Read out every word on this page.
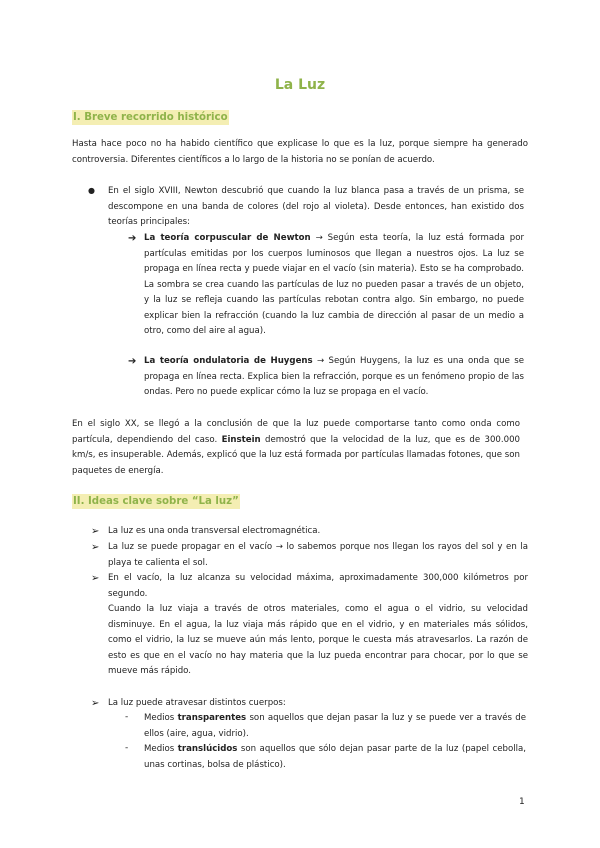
La Luz
I. Breve recorrido histórico
Hasta hace poco no ha habido científico que explicase lo que es la luz, porque siempre ha generado controversia. Diferentes científicos a lo largo de la historia no se ponían de acuerdo.
● En el siglo XVIII, Newton descubrió que cuando la luz blanca pasa a través de un prisma, se descompone en una banda de colores (del rojo al violeta). Desde entonces, han existido dos teorías principales:
➔ La teoría corpuscular de Newton → Según esta teoría, la luz está formada por partículas emitidas por los cuerpos luminosos que llegan a nuestros ojos. La luz se propaga en línea recta y puede viajar en el vacío (sin materia). Esto se ha comprobado. La sombra se crea cuando las partículas de luz no pueden pasar a través de un objeto, y la luz se refleja cuando las partículas rebotan contra algo. Sin embargo, no puede explicar bien la refracción (cuando la luz cambia de dirección al pasar de un medio a otro, como del aire al agua).
➔ La teoría ondulatoria de Huygens → Según Huygens, la luz es una onda que se propaga en línea recta. Explica bien la refracción, porque es un fenómeno propio de las ondas. Pero no puede explicar cómo la luz se propaga en el vacío.
En el siglo XX, se llegó a la conclusión de que la luz puede comportarse tanto como onda como partícula, dependiendo del caso. Einstein demostró que la velocidad de la luz, que es de 300.000 km/s, es insuperable. Además, explicó que la luz está formada por partículas llamadas fotones, que son paquetes de energía.
II. Ideas clave sobre “La luz”
➢ La luz es una onda transversal electromagnética.
➢ La luz se puede propagar en el vacío → lo sabemos porque nos llegan los rayos del sol y en la playa te calienta el sol.
➢ En el vacío, la luz alcanza su velocidad máxima, aproximadamente 300,000 kilómetros por segundo.

Cuando la luz viaja a través de otros materiales, como el agua o el vidrio, su velocidad disminuye. En el agua, la luz viaja más rápido que en el vidrio, y en materiales más sólidos, como el vidrio, la luz se mueve aún más lento, porque le cuesta más atravesarlos. La razón de esto es que en el vacío no hay materia que la luz pueda encontrar para chocar, por lo que se mueve más rápido.

➢ La luz puede atravesar distintos cuerpos:
- Medios transparentes son aquellos que dejan pasar la luz y se puede ver a través de ellos (aire, agua, vidrio).
- Medios translúcidos son aquellos que sólo dejan pasar parte de la luz (papel cebolla, unas cortinas, bolsa de plástico).
1
